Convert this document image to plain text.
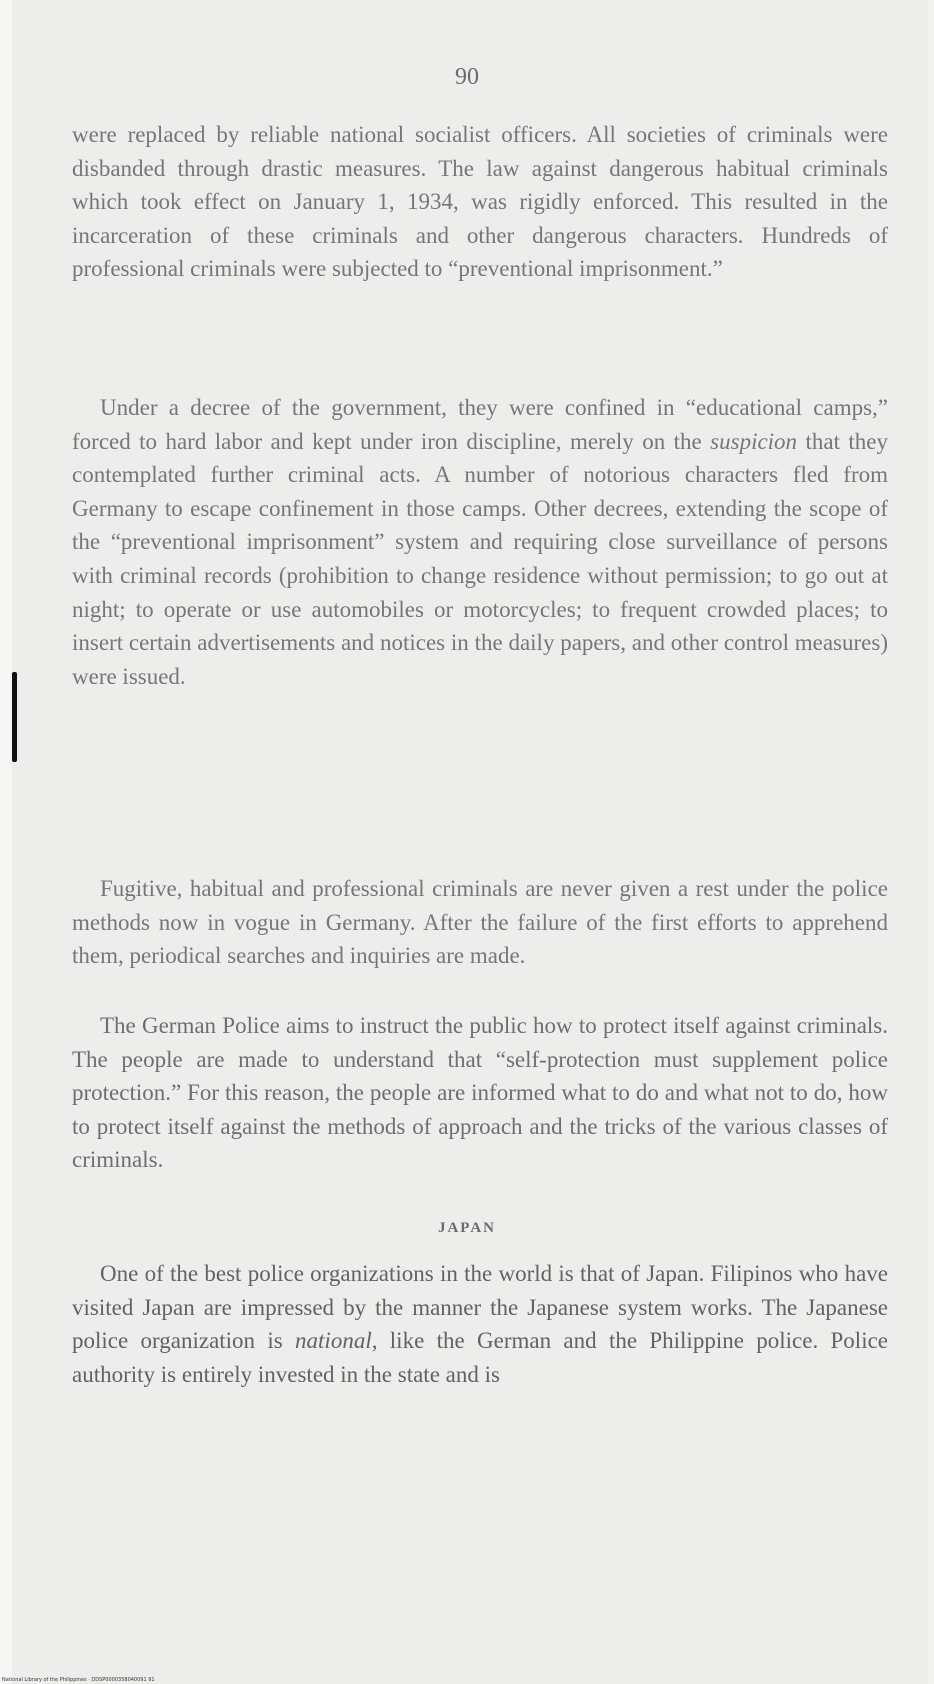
90

were replaced by reliable national socialist officers. All societies of criminals were disbanded through drastic measures. The law against dangerous habitual criminals which took effect on January 1, 1934, was rigidly enforced. This resulted in the incarceration of these criminals and other dangerous characters. Hundreds of professional criminals were subjected to “preventional imprisonment.”

Under a decree of the government, they were confined in “educational camps,” forced to hard labor and kept under iron discipline, merely on the suspicion that they contemplated further criminal acts. A number of notorious characters fled from Germany to escape confinement in those camps. Other decrees, extending the scope of the “preventional imprisonment” system and requiring close surveillance of persons with criminal records (prohibition to change residence without permission; to go out at night; to operate or use automobiles or motorcycles; to frequent crowded places; to insert certain advertisements and notices in the daily papers, and other control measures) were issued.

Fugitive, habitual and professional criminals are never given a rest under the police methods now in vogue in Germany. After the failure of the first efforts to apprehend them, periodical searches and inquiries are made.

The German Police aims to instruct the public how to protect itself against criminals. The people are made to understand that “self-protection must supplement police protection.” For this reason, the people are informed what to do and what not to do, how to protect itself against the methods of approach and the tricks of the various classes of criminals.

JAPAN

One of the best police organizations in the world is that of Japan. Filipinos who have visited Japan are impressed by the manner the Japanese system works. The Japanese police organization is national, like the German and the Philippine police. Police authority is entirely invested in the state and is

National Library of the Philippines · DDSP0000358040091 91
